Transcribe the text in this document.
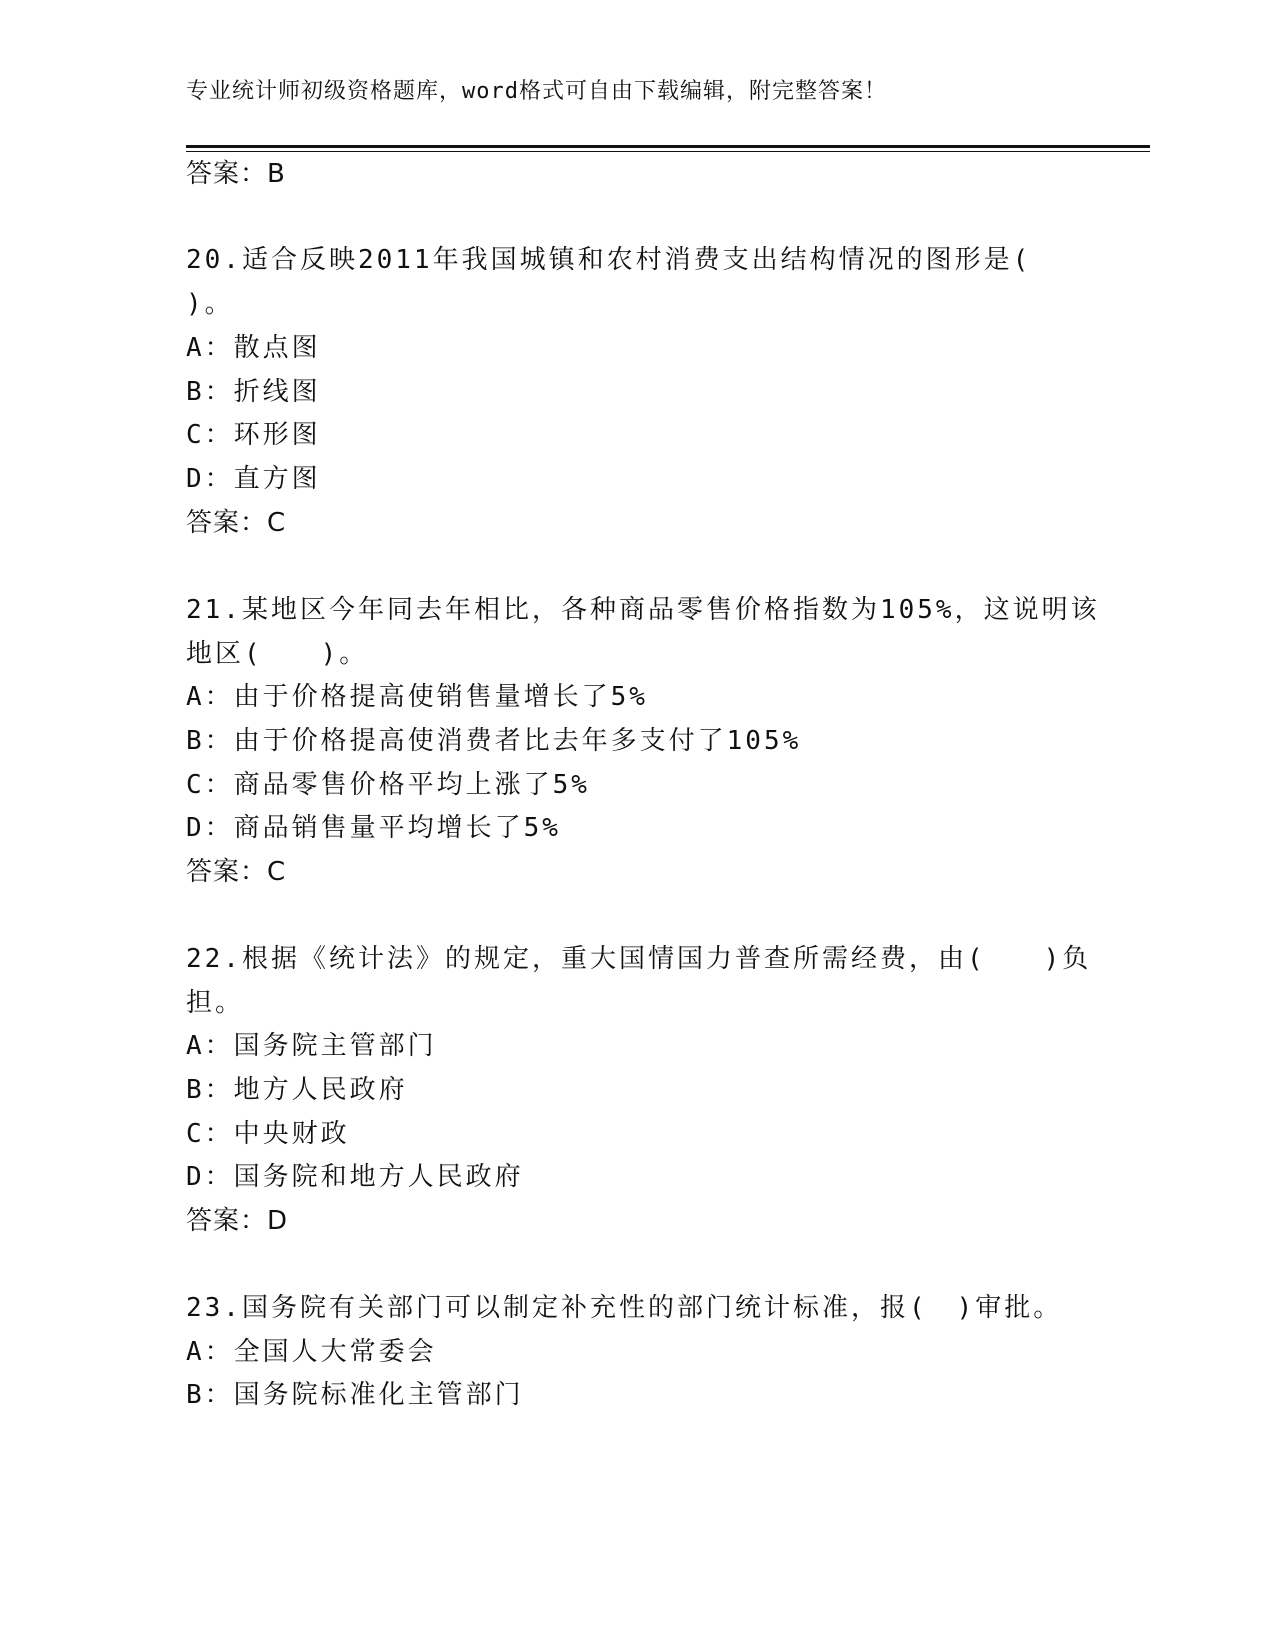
专业统计师初级资格题库，word格式可自由下载编辑，附完整答案！
答案：B
20.适合反映2011年我国城镇和农村消费支出结构情况的图形是(
)。
A：散点图
B：折线图
C：环形图
D：直方图
答案：C
21.某地区今年同去年相比，各种商品零售价格指数为105%，这说明该
地区(　　)。
A：由于价格提高使销售量增长了5%
B：由于价格提高使消费者比去年多支付了105%
C：商品零售价格平均上涨了5%
D：商品销售量平均增长了5%
答案：C
22.根据《统计法》的规定，重大国情国力普查所需经费，由(　　)负
担。
A：国务院主管部门
B：地方人民政府
C：中央财政
D：国务院和地方人民政府
答案：D
23.国务院有关部门可以制定补充性的部门统计标准，报(　)审批。
A：全国人大常委会
B：国务院标准化主管部门
